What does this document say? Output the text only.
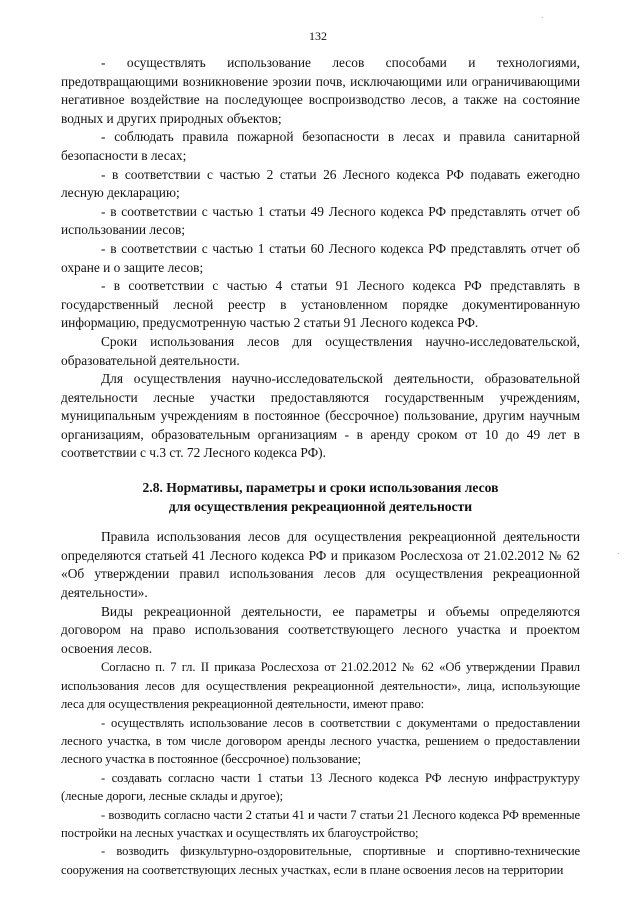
132

- осуществлять использование лесов способами и технологиями, предотвращающими возникновение эрозии почв, исключающими или ограничивающими негативное воздействие на последующее воспроизводство лесов, а также на состояние водных и других природных объектов;

- соблюдать правила пожарной безопасности в лесах и правила санитарной безопасности в лесах;

- в соответствии с частью 2 статьи 26 Лесного кодекса РФ подавать ежегодно лесную декларацию;

- в соответствии с частью 1 статьи 49 Лесного кодекса РФ представлять отчет об использовании лесов;

- в соответствии с частью 1 статьи 60 Лесного кодекса РФ представлять отчет об охране и о защите лесов;

- в соответствии с частью 4 статьи 91 Лесного кодекса РФ представлять в государственный лесной реестр в установленном порядке документированную информацию, предусмотренную частью 2 статьи 91 Лесного кодекса РФ.

Сроки использования лесов для осуществления научно-исследовательской, образовательной деятельности.

Для осуществления научно-исследовательской деятельности, образовательной деятельности лесные участки предоставляются государственным учреждениям, муниципальным учреждениям в постоянное (бессрочное) пользование, другим научным организациям, образовательным организациям - в аренду сроком от 10 до 49 лет в соответствии с ч.3 ст. 72 Лесного кодекса РФ).

2.8. Нормативы, параметры и сроки использования лесов
для осуществления рекреационной деятельности

Правила использования лесов для осуществления рекреационной деятельности определяются статьей 41 Лесного кодекса РФ и приказом Рослесхоза от 21.02.2012 № 62 «Об утверждении правил использования лесов для осуществления рекреационной деятельности».

Виды рекреационной деятельности, ее параметры и объемы определяются договором на право использования соответствующего лесного участка и проектом освоения лесов.

Согласно п. 7 гл. II приказа Рослесхоза от 21.02.2012 № 62 «Об утверждении Правил использования лесов для осуществления рекреационной деятельности», лица, использующие леса для осуществления рекреационной деятельности, имеют право:

- осуществлять использование лесов в соответствии с документами о предоставлении лесного участка, в том числе договором аренды лесного участка, решением о предоставлении лесного участка в постоянное (бессрочное) пользование;

- создавать согласно части 1 статьи 13 Лесного кодекса РФ лесную инфраструктуру (лесные дороги, лесные склады и другое);

- возводить согласно части 2 статьи 41 и части 7 статьи 21 Лесного кодекса РФ временные постройки на лесных участках и осуществлять их благоустройство;

- возводить физкультурно-оздоровительные, спортивные и спортивно-технические сооружения на соответствующих лесных участках, если в плане освоения лесов на территории

.
.
